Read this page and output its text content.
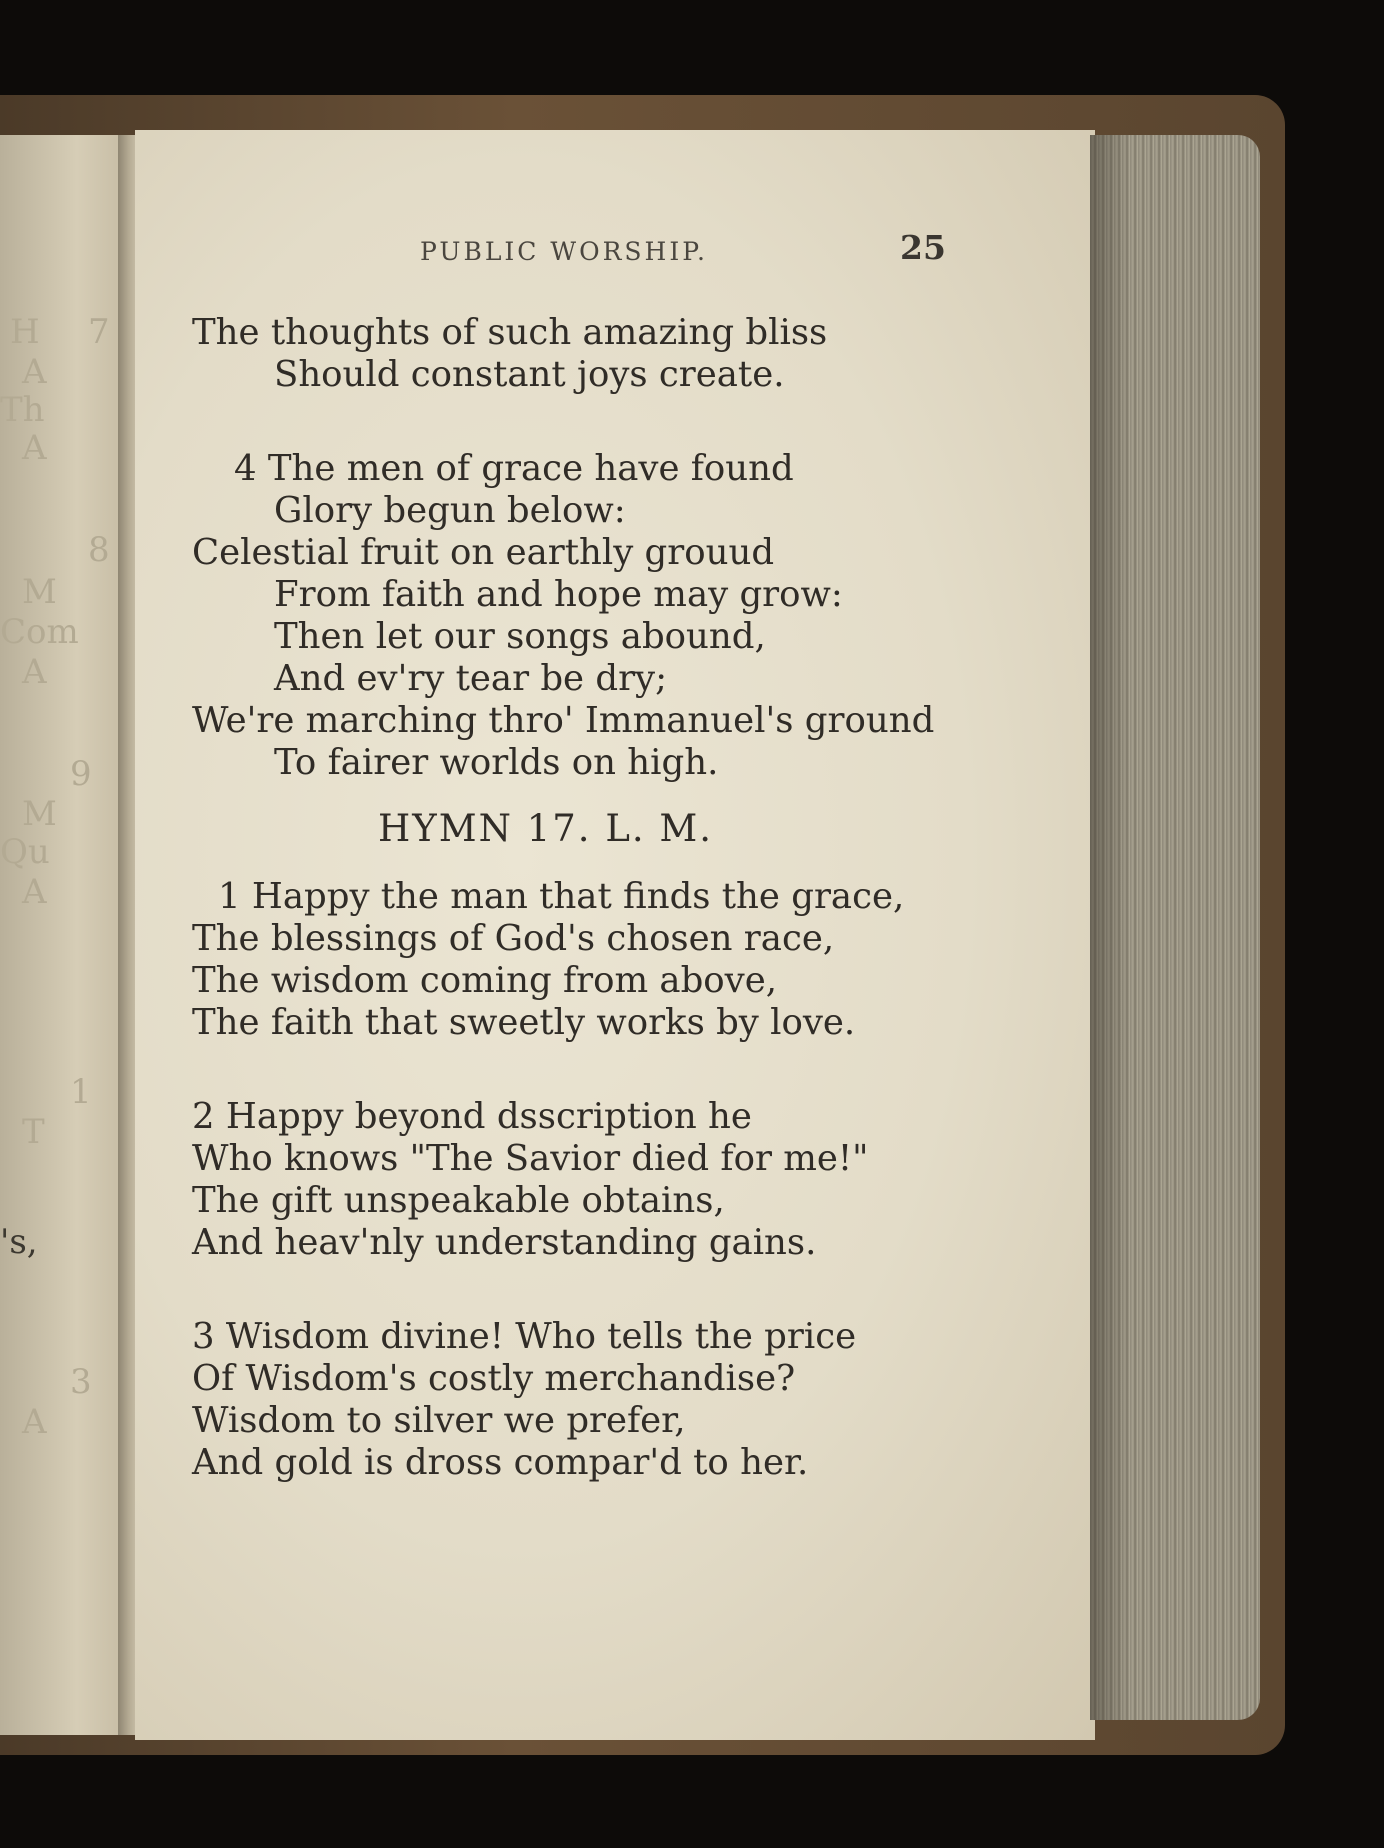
7
H
A
Th
A
8
M
Com
A
9
M
Qu
A
1
T
's,
3
A
PUBLIC WORSHIP.	25
The thoughts of such amazing bliss
Should constant joys create.
4 The men of grace have found
Glory begun below:
Celestial fruit on earthly grouud
From faith and hope may grow:
Then let our songs abound,
And ev'ry tear be dry;
We're marching thro' Immanuel's ground
To fairer worlds on high.
HYMN 17. L. M.
1 Happy the man that finds the grace,
The blessings of God's chosen race,
The wisdom coming from above,
The faith that sweetly works by love.
2 Happy beyond dsscription he
Who knows "The Savior died for me!"
The gift unspeakable obtains,
And heav'nly understanding gains.
3 Wisdom divine! Who tells the price
Of Wisdom's costly merchandise?
Wisdom to silver we prefer,
And gold is dross compar'd to her.
